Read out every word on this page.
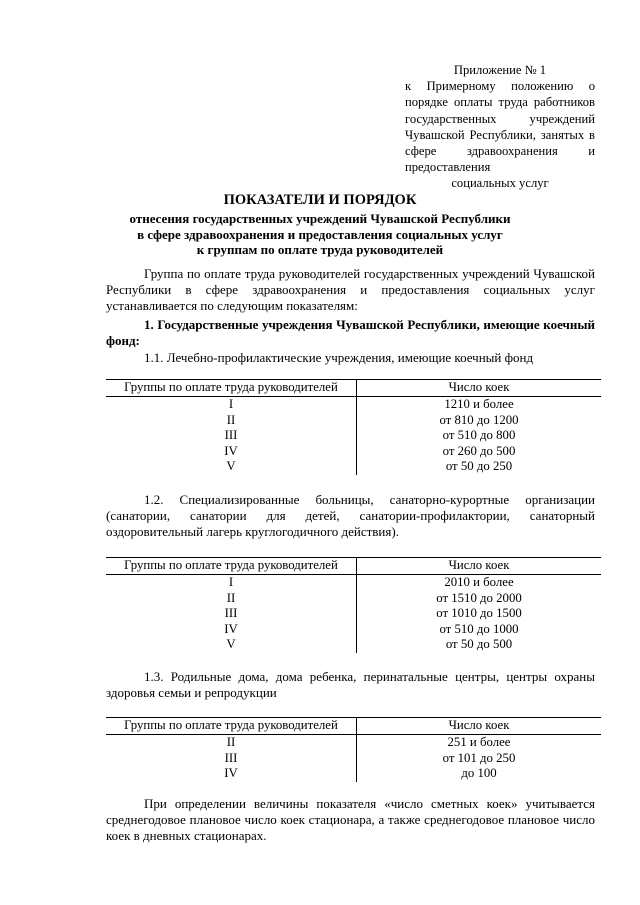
Приложение № 1
к Примерному положению о порядке оплаты труда работников государственных учреждений Чувашской Республики, занятых в сфере здравоохранения и предоставления
социальных услуг
ПОКАЗАТЕЛИ И ПОРЯДОК
отнесения государственных учреждений Чувашской Республики
в сфере здравоохранения и предоставления социальных услуг
к группам по оплате труда руководителей
Группа по оплате труда руководителей государственных учреждений Чувашской Республики в сфере здравоохранения и предоставления социальных услуг устанавливается по следующим показателям:
1. Государственные учреждения Чувашской Республики, имеющие коечный фонд:
1.1. Лечебно-профилактические учреждения, имеющие коечный фонд
Группы по оплате труда руководителей	Число коек
I	1210 и более
II	от 810 до 1200
III	от 510 до 800
IV	от 260 до 500
V	от 50 до 250
1.2. Специализированные больницы, санаторно-курортные организации (санатории, санатории для детей, санатории-профилактории, санаторный оздоровительный лагерь круглогодичного действия).
Группы по оплате труда руководителей	Число коек
I	2010 и более
II	от 1510 до 2000
III	от 1010 до 1500
IV	от 510 до 1000
V	от 50 до 500
1.3. Родильные дома, дома ребенка, перинатальные центры, центры охраны здоровья семьи и репродукции
Группы по оплате труда руководителей	Число коек
II	251 и более
III	от 101 до 250
IV	до 100
При определении величины показателя «число сметных коек» учитывается среднегодовое плановое число коек стационара, а также среднегодовое плановое число коек в дневных стационарах.
